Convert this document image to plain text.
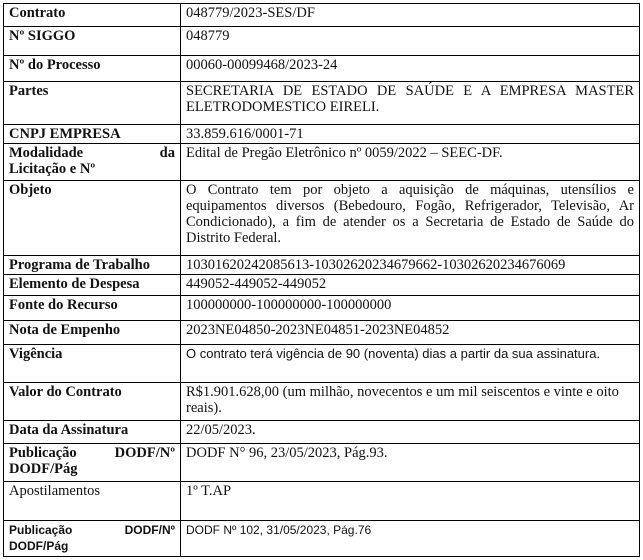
Contrato	048779/2023-SES/DF
Nº SIGGO	048779
Nº do Processo	00060-00099468/2023-24
Partes	SECRETARIA DE ESTADO DE SAÚDE E A EMPRESA MASTER ELETRODOMESTICO EIRELI.
CNPJ EMPRESA	33.859.616/0001-71

Modalidade da
Licitação e Nº	Edital de Pregão Eletrônico nº 0059/2022 – SEEC-DF.
Objeto	O Contrato tem por objeto a aquisição de máquinas, utensílios e equipamentos diversos (Bebedouro, Fogão, Refrigerador, Televisão, Ar Condicionado), a fim de atender os a Secretaria de Estado de Saúde do Distrito Federal.
Programa de Trabalho	10301620242085613-10302620234679662-10302620234676069
Elemento de Despesa	449052-449052-449052
Fonte do Recurso	100000000-100000000-100000000
Nota de Empenho	2023NE04850-2023NE04851-2023NE04852
Vigência	O contrato terá vigência de 90 (noventa) dias a partir da sua assinatura.
Valor do Contrato	R$1.901.628,00 (um milhão, novecentos e um mil seiscentos e vinte e oito reais).
Data da Assinatura	22/05/2023.

Publicação DODF/Nº
DODF/Pág	DODF N° 96, 23/05/2023, Pág.93.
Apostilamentos	1º T.AP

Publicação DODF/Nº
DODF/Pág	DODF Nº 102, 31/05/2023, Pág.76
